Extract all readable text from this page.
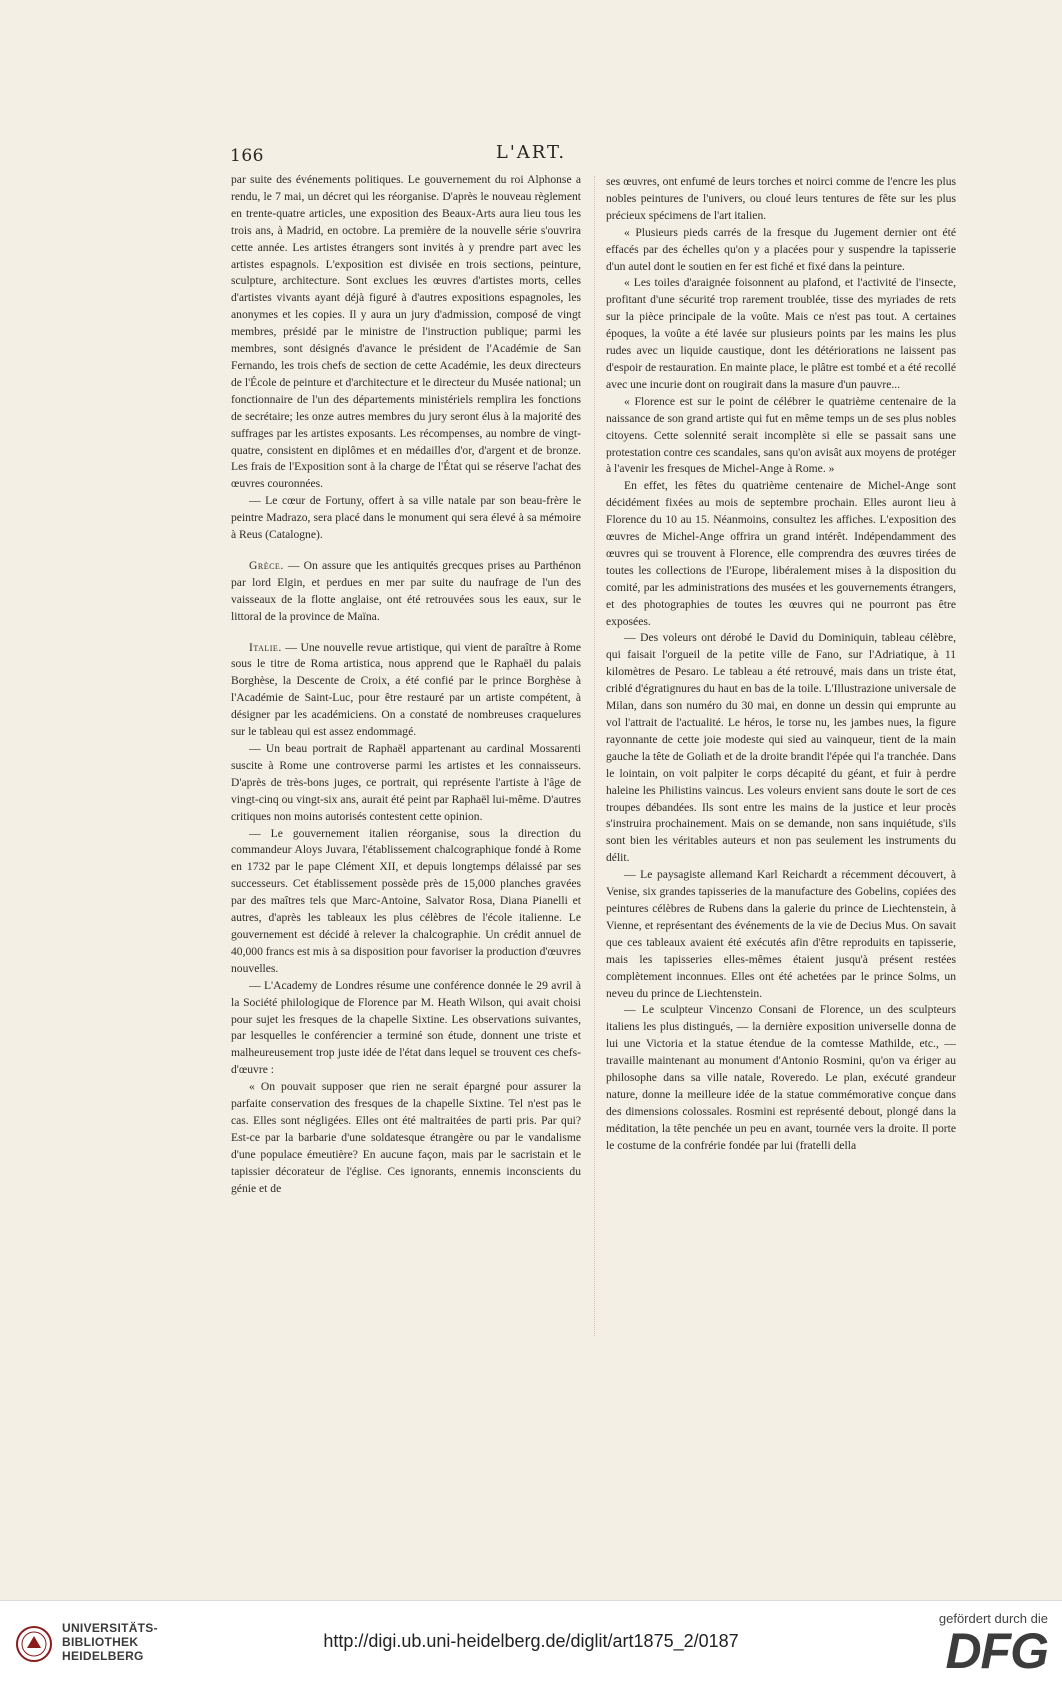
166	L'ART.

par suite des événements politiques. Le gouvernement du roi Alphonse a rendu, le 7 mai, un décret qui les réorganise. D'après le nouveau règlement en trente-quatre articles, une exposition des Beaux-Arts aura lieu tous les trois ans, à Madrid, en octobre. La première de la nouvelle série s'ouvrira cette année. Les artistes étrangers sont invités à y prendre part avec les artistes espagnols. L'exposition est divisée en trois sections, peinture, sculpture, architecture. Sont exclues les œuvres d'artistes morts, celles d'artistes vivants ayant déjà figuré à d'autres expositions espagnoles, les anonymes et les copies. Il y aura un jury d'admission, composé de vingt membres, présidé par le ministre de l'instruction publique; parmi les membres, sont désignés d'avance le président de l'Académie de San Fernando, les trois chefs de section de cette Académie, les deux directeurs de l'École de peinture et d'architecture et le directeur du Musée national; un fonctionnaire de l'un des départements ministériels remplira les fonctions de secrétaire; les onze autres membres du jury seront élus à la majorité des suffrages par les artistes exposants. Les récompenses, au nombre de vingt-quatre, consistent en diplômes et en médailles d'or, d'argent et de bronze. Les frais de l'Exposition sont à la charge de l'État qui se réserve l'achat des œuvres couronnées.

— Le cœur de Fortuny, offert à sa ville natale par son beau-frère le peintre Madrazo, sera placé dans le monument qui sera élevé à sa mémoire à Reus (Catalogne).

Grèce. — On assure que les antiquités grecques prises au Parthénon par lord Elgin, et perdues en mer par suite du naufrage de l'un des vaisseaux de la flotte anglaise, ont été retrouvées sous les eaux, sur le littoral de la province de Maïna.

Italie. — Une nouvelle revue artistique, qui vient de paraître à Rome sous le titre de Roma artistica, nous apprend que le Raphaël du palais Borghèse, la Descente de Croix, a été confié par le prince Borghèse à l'Académie de Saint-Luc, pour être restauré par un artiste compétent, à désigner par les académiciens. On a constaté de nombreuses craquelures sur le tableau qui est assez endommagé.

— Un beau portrait de Raphaël appartenant au cardinal Mossarenti suscite à Rome une controverse parmi les artistes et les connaisseurs. D'après de très-bons juges, ce portrait, qui représente l'artiste à l'âge de vingt-cinq ou vingt-six ans, aurait été peint par Raphaël lui-même. D'autres critiques non moins autorisés contestent cette opinion.

— Le gouvernement italien réorganise, sous la direction du commandeur Aloys Juvara, l'établissement chalcographique fondé à Rome en 1732 par le pape Clément XII, et depuis longtemps délaissé par ses successeurs. Cet établissement possède près de 15,000 planches gravées par des maîtres tels que Marc-Antoine, Salvator Rosa, Diana Pianelli et autres, d'après les tableaux les plus célèbres de l'école italienne. Le gouvernement est décidé à relever la chalcographie. Un crédit annuel de 40,000 francs est mis à sa disposition pour favoriser la production d'œuvres nouvelles.

— L'Academy de Londres résume une conférence donnée le 29 avril à la Société philologique de Florence par M. Heath Wilson, qui avait choisi pour sujet les fresques de la chapelle Sixtine. Les observations suivantes, par lesquelles le conférencier a terminé son étude, donnent une triste et malheureusement trop juste idée de l'état dans lequel se trouvent ces chefs-d'œuvre :

« On pouvait supposer que rien ne serait épargné pour assurer la parfaite conservation des fresques de la chapelle Sixtine. Tel n'est pas le cas. Elles sont négligées. Elles ont été maltraitées de parti pris. Par qui? Est-ce par la barbarie d'une soldatesque étrangère ou par le vandalisme d'une populace émeutière? En aucune façon, mais par le sacristain et le tapissier décorateur de l'église. Ces ignorants, ennemis inconscients du génie et de

ses œuvres, ont enfumé de leurs torches et noirci comme de l'encre les plus nobles peintures de l'univers, ou cloué leurs tentures de fête sur les plus précieux spécimens de l'art italien.

« Plusieurs pieds carrés de la fresque du Jugement dernier ont été effacés par des échelles qu'on y a placées pour y suspendre la tapisserie d'un autel dont le soutien en fer est fiché et fixé dans la peinture.

« Les toiles d'araignée foisonnent au plafond, et l'activité de l'insecte, profitant d'une sécurité trop rarement troublée, tisse des myriades de rets sur la pièce principale de la voûte. Mais ce n'est pas tout. A certaines époques, la voûte a été lavée sur plusieurs points par les mains les plus rudes avec un liquide caustique, dont les détériorations ne laissent pas d'espoir de restauration. En mainte place, le plâtre est tombé et a été recollé avec une incurie dont on rougirait dans la masure d'un pauvre...

« Florence est sur le point de célébrer le quatrième centenaire de la naissance de son grand artiste qui fut en même temps un de ses plus nobles citoyens. Cette solennité serait incomplète si elle se passait sans une protestation contre ces scandales, sans qu'on avisât aux moyens de protéger à l'avenir les fresques de Michel-Ange à Rome. »

En effet, les fêtes du quatrième centenaire de Michel-Ange sont décidément fixées au mois de septembre prochain. Elles auront lieu à Florence du 10 au 15. Néanmoins, consultez les affiches. L'exposition des œuvres de Michel-Ange offrira un grand intérêt. Indépendamment des œuvres qui se trouvent à Florence, elle comprendra des œuvres tirées de toutes les collections de l'Europe, libéralement mises à la disposition du comité, par les administrations des musées et les gouvernements étrangers, et des photographies de toutes les œuvres qui ne pourront pas être exposées.

— Des voleurs ont dérobé le David du Dominiquin, tableau célèbre, qui faisait l'orgueil de la petite ville de Fano, sur l'Adriatique, à 11 kilomètres de Pesaro. Le tableau a été retrouvé, mais dans un triste état, criblé d'égratignures du haut en bas de la toile. L'Illustrazione universale de Milan, dans son numéro du 30 mai, en donne un dessin qui emprunte au vol l'attrait de l'actualité. Le héros, le torse nu, les jambes nues, la figure rayonnante de cette joie modeste qui sied au vainqueur, tient de la main gauche la tête de Goliath et de la droite brandit l'épée qui l'a tranchée. Dans le lointain, on voit palpiter le corps décapité du géant, et fuir à perdre haleine les Philistins vaincus. Les voleurs envient sans doute le sort de ces troupes débandées. Ils sont entre les mains de la justice et leur procès s'instruira prochainement. Mais on se demande, non sans inquiétude, s'ils sont bien les véritables auteurs et non pas seulement les instruments du délit.

— Le paysagiste allemand Karl Reichardt a récemment découvert, à Venise, six grandes tapisseries de la manufacture des Gobelins, copiées des peintures célèbres de Rubens dans la galerie du prince de Liechtenstein, à Vienne, et représentant des événements de la vie de Decius Mus. On savait que ces tableaux avaient été exécutés afin d'être reproduits en tapisserie, mais les tapisseries elles-mêmes étaient jusqu'à présent restées complètement inconnues. Elles ont été achetées par le prince Solms, un neveu du prince de Liechtenstein.

— Le sculpteur Vincenzo Consani de Florence, un des sculpteurs italiens les plus distingués, — la dernière exposition universelle donna de lui une Victoria et la statue étendue de la comtesse Mathilde, etc., — travaille maintenant au monument d'Antonio Rosmini, qu'on va ériger au philosophe dans sa ville natale, Roveredo. Le plan, exécuté grandeur nature, donne la meilleure idée de la statue commémorative conçue dans des dimensions colossales. Rosmini est représenté debout, plongé dans la méditation, la tête penchée un peu en avant, tournée vers la droite. Il porte le costume de la confrérie fondée par lui (fratelli della

UNIVERSITÄTS-
BIBLIOTHEK
HEIDELBERG
http://digi.ub.uni-heidelberg.de/diglit/art1875_2/0187
gefördert durch die
DFG
